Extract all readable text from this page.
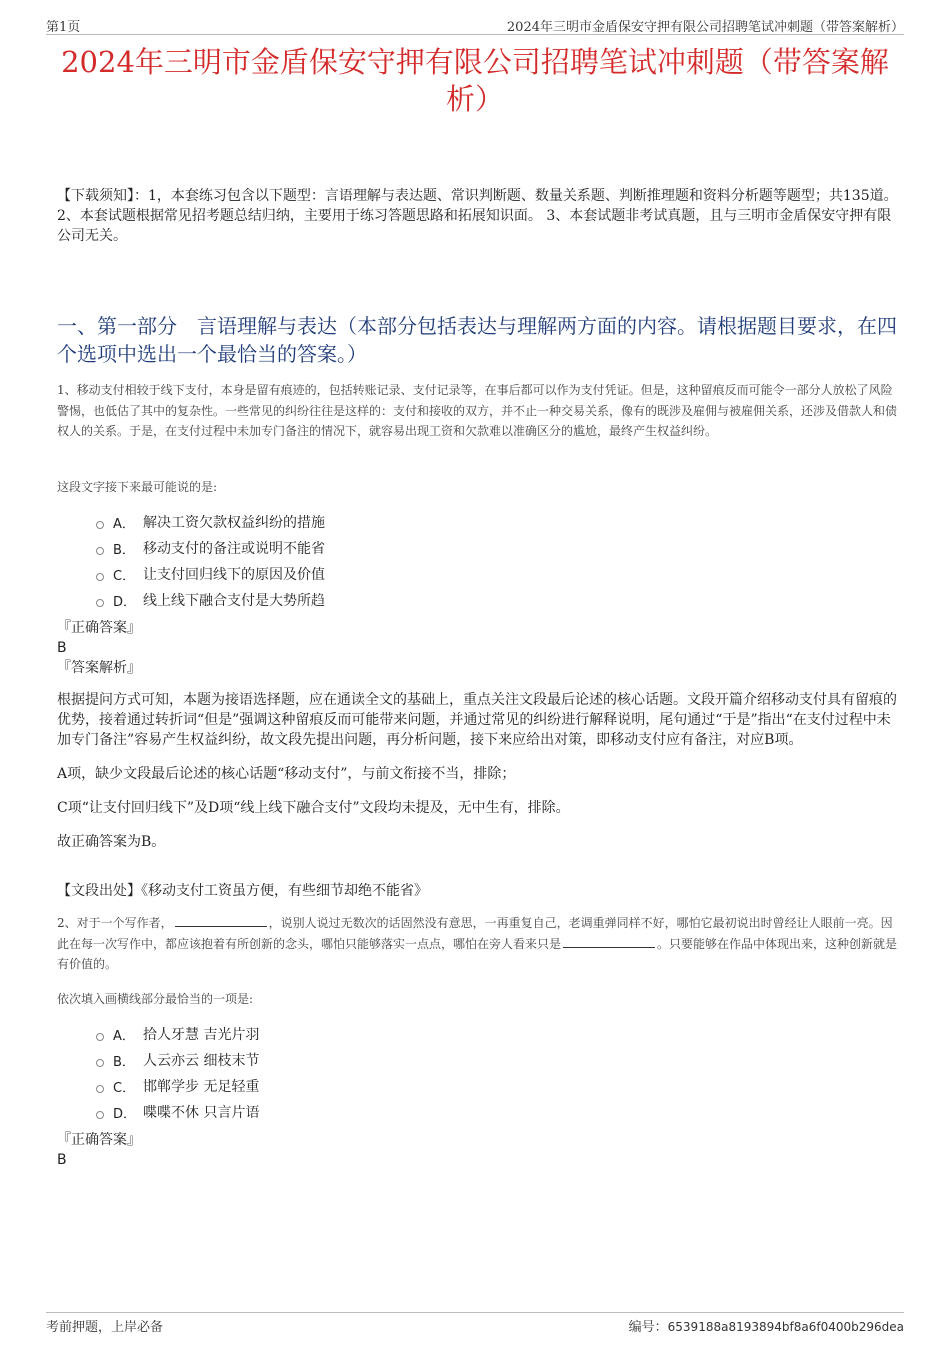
第1页	2024年三明市金盾保安守押有限公司招聘笔试冲刺题（带答案解析）
2024年三明市金盾保安守押有限公司招聘笔试冲刺题（带答案解析）
【下载须知】：1，本套练习包含以下题型：言语理解与表达题、常识判断题、数量关系题、判断推理题和资料分析题等题型；共135道。 2、本套试题根据常见招考题总结归纳，主要用于练习答题思路和拓展知识面。 3、本套试题非考试真题，且与三明市金盾保安守押有限公司无关。
一、第一部分　言语理解与表达（本部分包括表达与理解两方面的内容。请根据题目要求，在四个选项中选出一个最恰当的答案。）
1、移动支付相较于线下支付，本身是留有痕迹的，包括转账记录、支付记录等，在事后都可以作为支付凭证。但是，这种留痕反而可能令一部分人放松了风险警惕，也低估了其中的复杂性。一些常见的纠纷往往是这样的：支付和接收的双方，并不止一种交易关系，像有的既涉及雇佣与被雇佣关系，还涉及借款人和债权人的关系。于是，在支付过程中未加专门备注的情况下，就容易出现工资和欠款难以准确区分的尴尬，最终产生权益纠纷。
这段文字接下来最可能说的是:
A． 解决工资欠款权益纠纷的措施
B． 移动支付的备注或说明不能省
C． 让支付回归线下的原因及价值
D． 线上线下融合支付是大势所趋
『正确答案』
B
『答案解析』

根据提问方式可知，本题为接语选择题，应在通读全文的基础上，重点关注文段最后论述的核心话题。文段开篇介绍移动支付具有留痕的优势，接着通过转折词“但是”强调这种留痕反而可能带来问题，并通过常见的纠纷进行解释说明，尾句通过“于是”指出“在支付过程中未加专门备注”容易产生权益纠纷，故文段先提出问题，再分析问题，接下来应给出对策，即移动支付应有备注，对应B项。

A项，缺少文段最后论述的核心话题“移动支付”，与前文衔接不当，排除；

C项“让支付回归线下”及D项“线上线下融合支付”文段均未提及，无中生有，排除。

故正确答案为B。

【文段出处】《移动支付工资虽方便，有些细节却绝不能省》
2、对于一个写作者，	，说别人说过无数次的话固然没有意思，一再重复自己，老调重弹同样不好，哪怕它最初说出时曾经让人眼前一亮。因此在每一次写作中，都应该抱着有所创新的念头，哪怕只能够落实一点点，哪怕在旁人看来只是	。只要能够在作品中体现出来，这种创新就是有价值的。
依次填入画横线部分最恰当的一项是:
A． 拾人牙慧 吉光片羽
B． 人云亦云 细枝末节
C． 邯郸学步 无足轻重
D． 喋喋不休 只言片语
『正确答案』
B
考前押题，上岸必备	编号：6539188a8193894bf8a6f0400b296dea
